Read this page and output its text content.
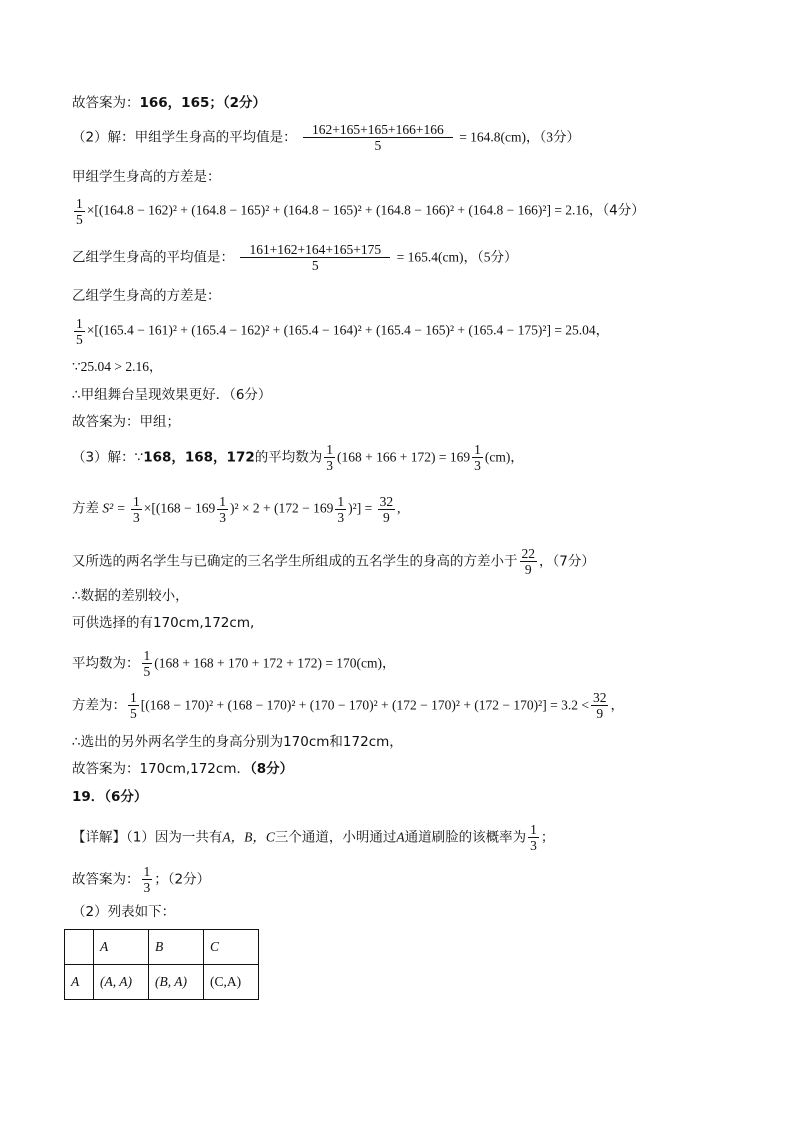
故答案为：166，165；（2分）
（2）解：甲组学生身高的平均值是： $\frac{162+165+165+166+166}{5} = 164.8(cm)$，（3分）
甲组学生身高的方差是：
$\frac{1}{5} \times[(164.8 - 162)^2 + (164.8 - 165)^2 + (164.8 - 165)^2 + (164.8 - 166)^2 + (164.8 - 166)^2] = 2.16$，（4分）
乙组学生身高的平均值是： $\frac{161+162+164+165+175}{5} = 165.4(cm)$，（5分）
乙组学生身高的方差是：
$\frac{1}{5} \times[(165.4 - 161)^2 + (165.4 - 162)^2 + (165.4 - 164)^2 + (165.4 - 165)^2 + (165.4 - 175)^2] = 25.04$，
∵25.04 > 2.16，
∴甲组舞台呈现效果更好．（6分）
故答案为：甲组；
（3）解：∵168，168，172的平均数为 $\frac{1}{3} (168 + 166 + 172) = 169 \frac{1}{3} (cm)$，
方差 $S^2 = \frac{1}{3} \times[(168 - 169 \frac{1}{3} )^2 \times 2 + (172 - 169 \frac{1}{3} )^2] = \frac{32}{9}$ ,
又所选的两名学生与已确定的三名学生所组成的五名学生的身高的方差小于 $\frac{22}{9}$ ，（7分）
∴数据的差别较小，
可供选择的有170cm,172cm,
平均数为： $\frac{1}{5} (168 + 168 + 170 + 172 + 172) = 170(cm)$，
方差为： $\frac{1}{5} [(168 - 170)^2 + (168 - 170)^2 + (170 - 170)^2 + (172 - 170)^2 + (172 - 170)^2] = 3.2 < \frac{32}{9}$ ，
∴选出的另外两名学生的身高分别为170cm和172cm，
故答案为：170cm,172cm．（8分）
19．（6分）
【详解】（1）因为一共有A，B，C三个通道，小明通过A通道刷脸的该概率为 $\frac{1}{3}$ ；
故答案为： $\frac{1}{3}$ ；（2分）
（2）列表如下：
	A	B	C
A	(A, A)	(B, A)	(C,A)
